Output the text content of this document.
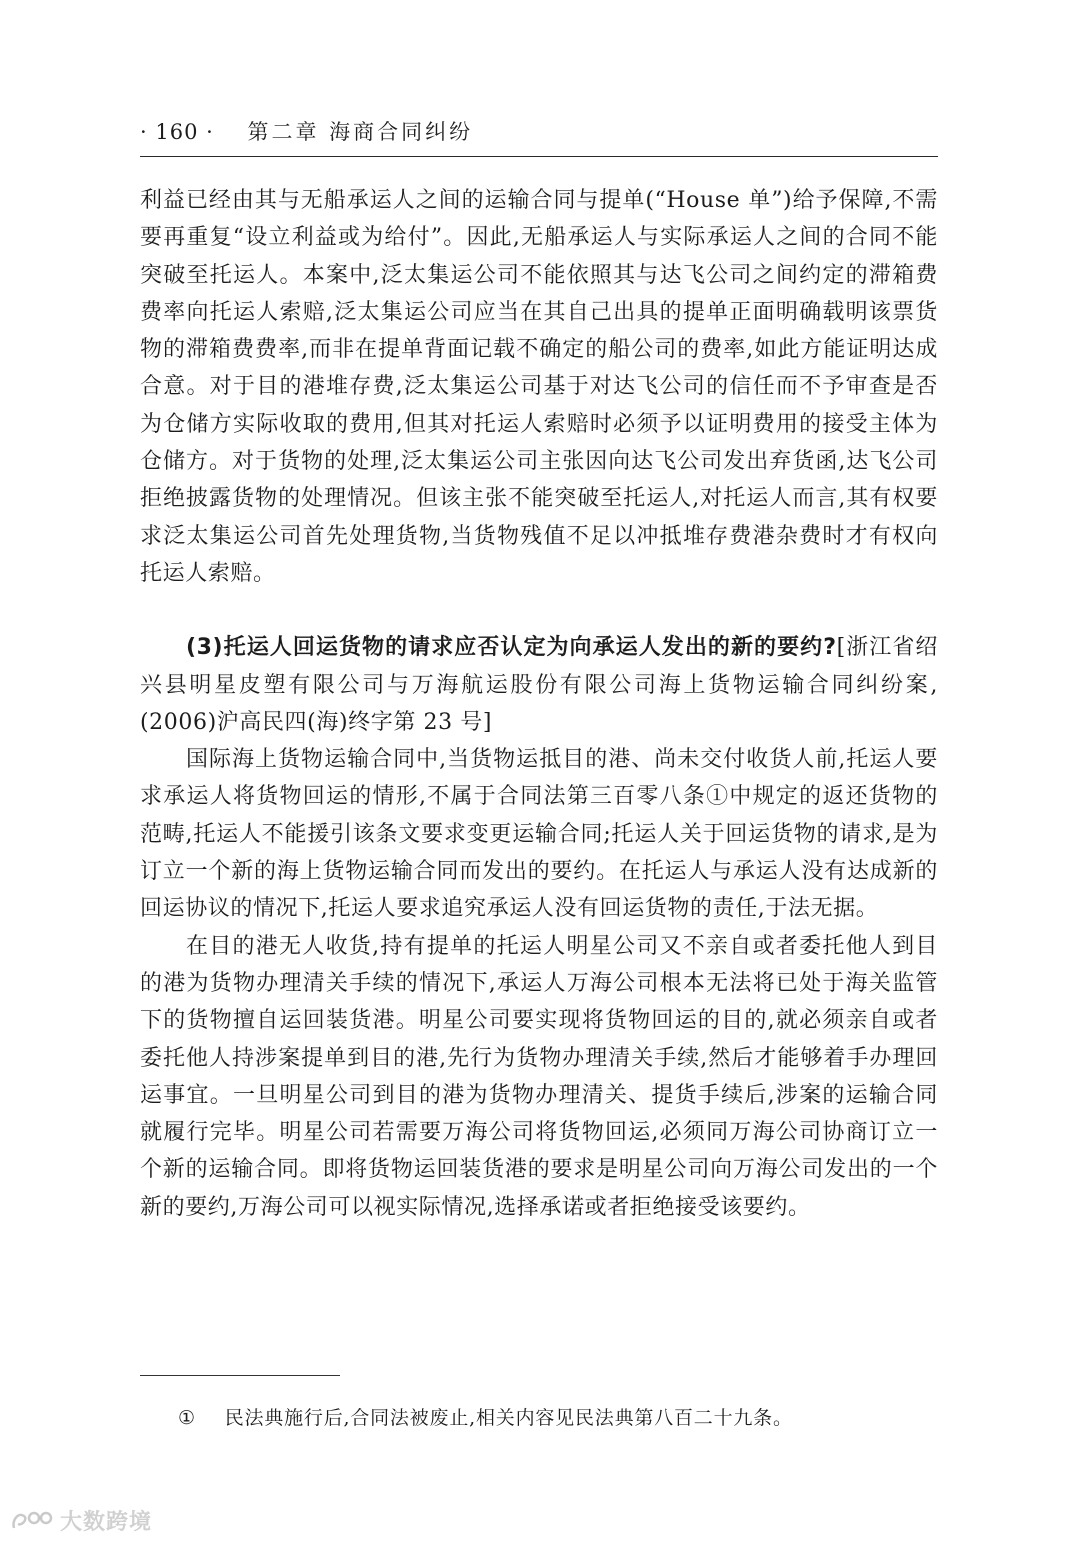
· 160 · 第二章 海商合同纠纷

利益已经由其与无船承运人之间的运输合同与提单(“House 单”)给予保障,不需要再重复“设立利益或为给付”。因此,无船承运人与实际承运人之间的合同不能突破至托运人。本案中,泛太集运公司不能依照其与达飞公司之间约定的滞箱费费率向托运人索赔,泛太集运公司应当在其自己出具的提单正面明确载明该票货物的滞箱费费率,而非在提单背面记载不确定的船公司的费率,如此方能证明达成合意。对于目的港堆存费,泛太集运公司基于对达飞公司的信任而不予审查是否为仓储方实际收取的费用,但其对托运人索赔时必须予以证明费用的接受主体为仓储方。对于货物的处理,泛太集运公司主张因向达飞公司发出弃货函,达飞公司拒绝披露货物的处理情况。但该主张不能突破至托运人,对托运人而言,其有权要求泛太集运公司首先处理货物,当货物残值不足以冲抵堆存费港杂费时才有权向托运人索赔。

(3)托运人回运货物的请求应否认定为向承运人发出的新的要约?[浙江省绍兴县明星皮塑有限公司与万海航运股份有限公司海上货物运输合同纠纷案,(2006)沪高民四(海)终字第 23 号]

国际海上货物运输合同中,当货物运抵目的港、尚未交付收货人前,托运人要求承运人将货物回运的情形,不属于合同法第三百零八条①中规定的返还货物的范畴,托运人不能援引该条文要求变更运输合同;托运人关于回运货物的请求,是为订立一个新的海上货物运输合同而发出的要约。在托运人与承运人没有达成新的回运协议的情况下,托运人要求追究承运人没有回运货物的责任,于法无据。

在目的港无人收货,持有提单的托运人明星公司又不亲自或者委托他人到目的港为货物办理清关手续的情况下,承运人万海公司根本无法将已处于海关监管下的货物擅自运回装货港。明星公司要实现将货物回运的目的,就必须亲自或者委托他人持涉案提单到目的港,先行为货物办理清关手续,然后才能够着手办理回运事宜。一旦明星公司到目的港为货物办理清关、提货手续后,涉案的运输合同就履行完毕。明星公司若需要万海公司将货物回运,必须同万海公司协商订立一个新的运输合同。即将货物运回装货港的要求是明星公司向万海公司发出的一个新的要约,万海公司可以视实际情况,选择承诺或者拒绝接受该要约。

① 民法典施行后,合同法被废止,相关内容见民法典第八百二十九条。
大数跨境
